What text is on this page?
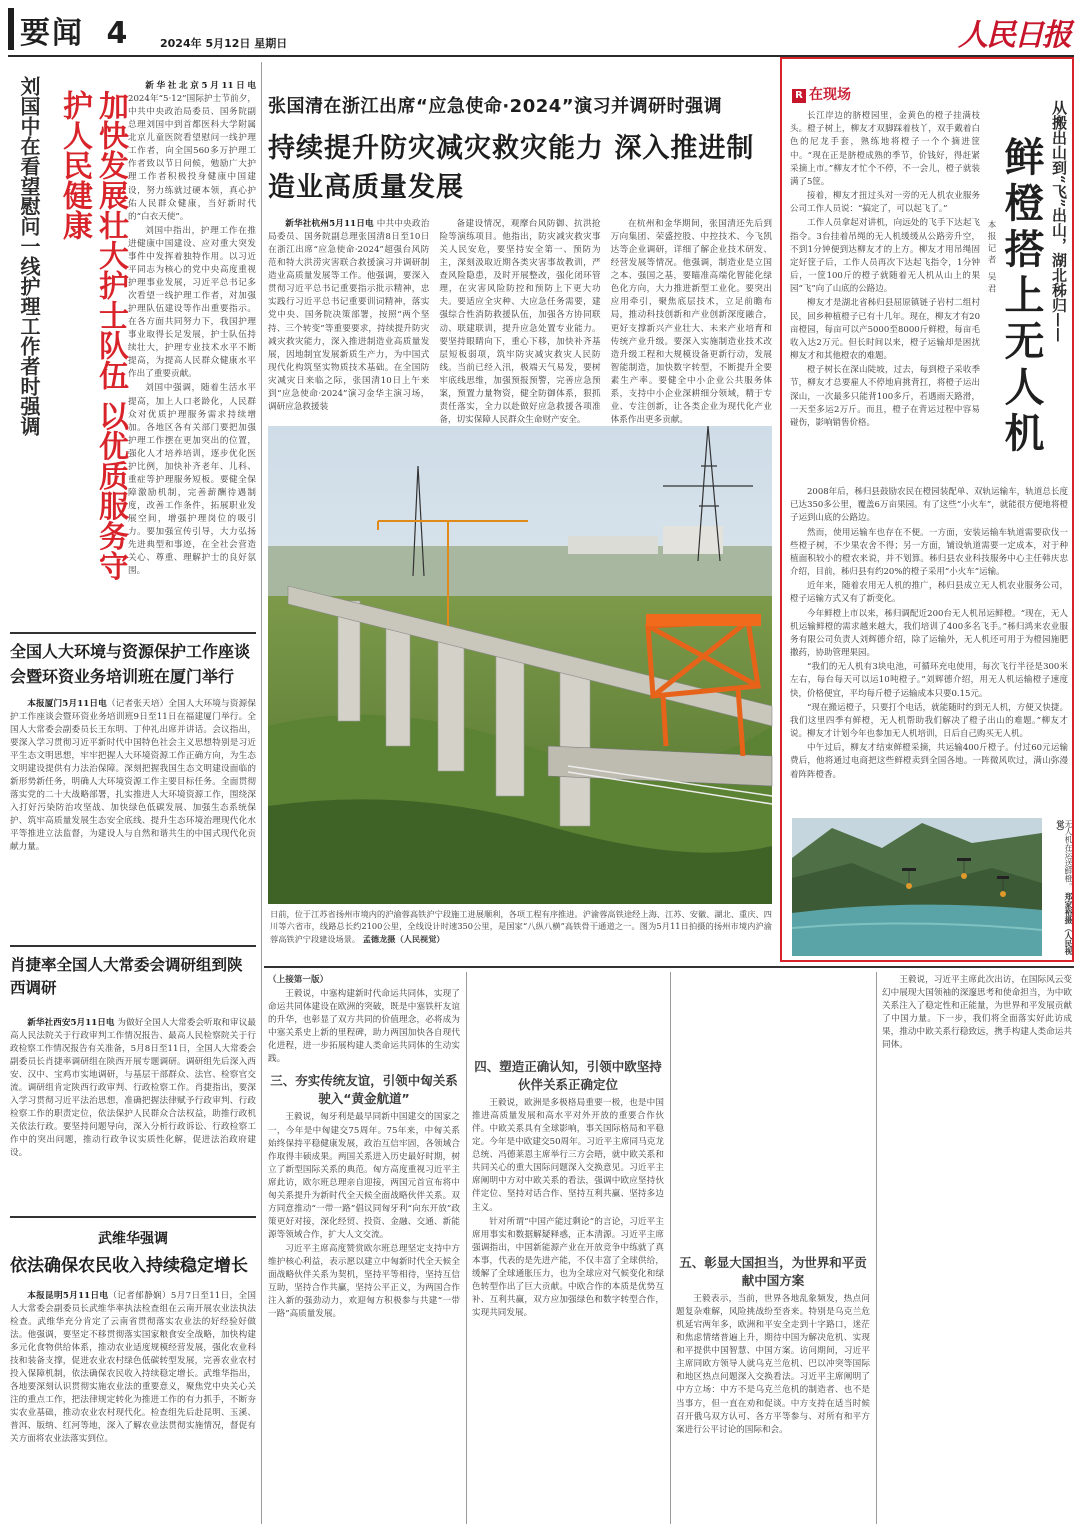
要闻 4	2024年 5月12日 星期日	人民日报
刘国中在看望慰问一线护理工作者时强调	加快发展壮大护士队伍 以优质服务守护人民健康

新华社北京5月11日电 2024年“5·12”国际护士节前夕，中共中央政治局委员、国务院副总理刘国中到首都医科大学附属北京儿童医院看望慰问一线护理工作者，向全国560多万护理工作者致以节日问候，勉励广大护理工作者积极投身健康中国建设，努力练就过硬本领，真心护佑人民群众健康，当好新时代的“白衣天使”。

刘国中指出，护理工作在推进健康中国建设、应对重大突发事件中发挥着独特作用。以习近平同志为核心的党中央高度重视护理事业发展，习近平总书记多次看望一线护理工作者，对加强护理队伍建设等作出重要指示。在各方面共同努力下，我国护理事业取得长足发展，护士队伍持续壮大，护理专业技术水平不断提高，为提高人民群众健康水平作出了重要贡献。

刘国中强调，随着生活水平提高，加上人口老龄化，人民群众对优质护理服务需求持续增加。各地区各有关部门要把加强护理工作摆在更加突出的位置，强化人才培养培训，逐步优化医护比例，加快补齐老年、儿科、重症等护理服务短板。要健全保障激励机制，完善薪酬待遇制度，改善工作条件，拓展职业发展空间，增强护理岗位的吸引力。要加强宣传引导，大力弘扬先进典型和事迹，在全社会营造关心、尊重、理解护士的良好氛围。

全国人大环境与资源保护工作座谈会暨环资业务培训班在厦门举行

本报厦门5月11日电（记者张天培）全国人大环境与资源保护工作座谈会暨环资业务培训班9日至11日在福建厦门举行。全国人大常委会副委员长王东明、丁仲礼出席并讲话。会议指出，要深入学习贯彻习近平新时代中国特色社会主义思想特别是习近平生态文明思想，牢牢把握人大环境资源工作正确方向，为生态文明建设提供有力法治保障。深刻把握我国生态文明建设面临的新形势新任务，明确人大环境资源工作主要目标任务。全面贯彻落实党的二十大战略部署，扎实推进人大环境资源工作，围绕深入打好污染防治攻坚战、加快绿色低碳发展、加强生态系统保护、筑牢高质量发展生态安全底线、提升生态环境治理现代化水平等推进立法监督，为建设人与自然和谐共生的中国式现代化贡献力量。

肖捷率全国人大常委会调研组到陕西调研

新华社西安5月11日电 为做好全国人大常委会听取和审议最高人民法院关于行政审判工作情况报告、最高人民检察院关于行政检察工作情况报告有关准备，5月8日至11日，全国人大常委会副委员长肖捷率调研组在陕西开展专题调研。调研组先后深入西安、汉中、宝鸡市实地调研，与基层干部群众、法官、检察官交流。调研组肯定陕西行政审判、行政检察工作。肖捷指出，要深入学习贯彻习近平法治思想，准确把握法律赋予行政审判、行政检察工作的职责定位，依法保护人民群众合法权益，助推行政机关依法行政。要坚持问题导向，深入分析行政诉讼、行政检察工作中的突出问题，推动行政争议实质性化解，促进法治政府建设。

武维华强调
依法确保农民收入持续稳定增长

本报昆明5月11日电（记者郁静娴）5月7日至11日，全国人大常委会副委员长武维华率执法检查组在云南开展农业法执法检查。武维华充分肯定了云南省贯彻落实农业法的好经验好做法。他强调，要坚定不移贯彻落实国家粮食安全战略，加快构建多元化食物供给体系，推动农业适度规模经营发展，强化农业科技和装备支撑，促进农业农村绿色低碳转型发展，完善农业农村投入保障机制，依法确保农民收入持续稳定增长。武维华指出，各地要深刻认识贯彻实施农业法的重要意义，聚焦党中央关心关注的重点工作，把法律规定转化为推进工作的有力抓手，不断夯实农业基础，推动农业农村现代化。检查组先后赴昆明、玉溪、普洱、版纳、红河等地，深入了解农业法贯彻实施情况，督促有关方面将农业法落实到位。

张国清在浙江出席“应急使命·2024”演习并调研时强调
持续提升防灾减灾救灾能力 深入推进制造业高质量发展

新华社杭州5月11日电 中共中央政治局委员、国务院副总理张国清8日至10日在浙江出席“应急使命·2024”超强台风防范和特大洪涝灾害联合救援演习并调研制造业高质量发展等工作。他强调，要深入贯彻习近平总书记重要指示批示精神，忠实践行习近平总书记重要训词精神，落实党中央、国务院决策部署，按照“两个坚持、三个转变”等重要要求，持续提升防灾减灾救灾能力，深入推进制造业高质量发展，因地制宜发展新质生产力，为中国式现代化构筑坚实物质技术基础。在全国防灾减灾日来临之际，张国清10日上午来到“应急使命·2024”演习金华主演习场，调研应急救援装

备建设情况，观摩台风防御、抗洪抢险等演练项目。他指出，防灾减灾救灾事关人民安危，要坚持安全第一、预防为主，深刻汲取近期各类灾害事故教训，严查风险隐患，及时开展整改，强化闭环管理，在灾害风险防控和预防上下更大功夫。要适应全灾种、大应急任务需要，建强综合性消防救援队伍，加强各方协同联动、联建联训，提升应急处置专业能力。要坚持眼睛向下，重心下移，加快补齐基层短板弱项，筑牢防灾减灾救灾人民防线。当前已经入汛，极端天气易发，要树牢底线思维，加强预报预警，完善应急预案，预置力量物资，健全防御体系，狠抓责任落实，全力以赴做好应急救援各项准备，切实保障人民群众生命财产安全。

在杭州和金华期间，张国清还先后到万向集团、荣盛控股、中控技术、今飞凯达等企业调研，详细了解企业技术研发、经营发展等情况。他强调，制造业是立国之本、强国之基，要瞄准高端化智能化绿色化方向，大力推进新型工业化。要突出应用牵引，聚焦底层技术，立足前瞻布局，推动科技创新和产业创新深度融合，更好支撑新兴产业壮大、未来产业培育和传统产业升级。要深入实施制造业技术改造升级工程和大规模设备更新行动，发展智能制造，加快数字转型，不断提升全要素生产率。要健全中小企业公共服务体系，支持中小企业深耕细分领域，精于专业、专注创新，让各类企业为现代化产业体系作出更多贡献。

日前，位于江苏省扬州市境内的沪渝蓉高铁沪宁段施工进展顺利，各项工程有序推进。沪渝蓉高铁途经上海、江苏、安徽、湖北、重庆、四川等六省市，线路总长约2100公里，全线设计时速350公里，是国家“八纵八横”高铁骨干通道之一。图为5月11日拍摄的扬州市境内沪渝蓉高铁沪宁段建设场景。 孟德龙摄（人民视觉）
R 在现场
从搬出山到“飞”出山，湖北秭归——
鲜橙搭上无人机
本报记者 吴君

长江岸边的脐橙园里，金黄色的橙子挂满枝头。橙子树上，柳友才双脚踩着枝丫，双手戴着白色的尼龙手套，熟练地将橙子一个个摘进筐中。“现在正是脐橙成熟的季节，价钱好，得赶紧采摘上市。”柳友才忙个不停，不一会儿，橙子就装满了5筐。

接着，柳友才扭过头对一旁的无人机农业服务公司工作人员说：“搞定了，可以起飞了。”

工作人员拿起对讲机，向远处的飞手下达起飞指令。3台挂着吊绳的无人机缓缓从公路旁升空，不到1分钟便到达柳友才的上方。柳友才用吊绳固定好筐子后，工作人员再次下达起飞指令，1分钟后，一筐100斤的橙子就随着无人机从山上的果园“飞”向了山底的公路边。

柳友才是湖北省秭归县屈原镇链子岩村二组村民，回乡种植橙子已有十几年。现在，柳友才有20亩橙园，每亩可以产5000至8000斤鲜橙，每亩毛收入达2万元。但长时间以来，橙子运输却是困扰柳友才和其他橙农的难题。

橙子树长在深山陡坡，过去，每到橙子采收季节，柳友才总要雇人不停地肩挑背扛，将橙子运出深山，一次最多只能背100多斤，若遇雨天路滑，一天至多运2万斤。而且，橙子在背运过程中容易碰伤，影响销售价格。

2008年后，秭归县鼓励农民在橙园装配单、双轨运输车，轨道总长度已达350多公里，覆盖6万亩果园。有了这些“小火车”，就能很方便地将橙子运到山底的公路边。

然而，使用运输车也存在不便。一方面，安装运输车轨道需要砍伐一些橙子树，不少果农舍不得；另一方面，铺设轨道需要一定成本，对于种植面积较小的橙农来说，并不划算。秭归县农业科技服务中心主任韩庆忠介绍，目前，秭归县有约20%的橙子采用“小火车”运输。

近年来，随着农用无人机的推广，秭归县成立无人机农业服务公司，橙子运输方式又有了新变化。

今年鲜橙上市以来，秭归调配近200台无人机吊运鲜橙。“现在，无人机运输鲜橙的需求越来越大，我们培训了400多名飞手。”秭归鸿来农业服务有限公司负责人刘辉德介绍，除了运输外，无人机还可用于为橙园施肥撒药，协助管理果园。

“我们的无人机有3块电池，可循环充电使用，每次飞行半径是300米左右，每台每天可以运10吨橙子。”刘辉德介绍，用无人机运输橙子速度快，价格便宜，平均每斤橙子运输成本只要0.15元。

“现在搬运橙子，只要打个电话，就能随时约到无人机，方便又快捷。我们这里四季有鲜橙，无人机帮助我们解决了橙子出山的难题。”柳友才说。柳友才计划今年也参加无人机培训，日后自己购买无人机。

中午过后，柳友才结束鲜橙采摘，共运输400斤橙子。付过60元运输费后，他将通过电商把这些鲜橙卖到全国各地。一阵微风吹过，满山弥漫着阵阵橙香。

无人机在运送鲜橙。 郑家裕摄（人民视觉）

（上接第一版）

王毅说，中塞构建新时代命运共同体，实现了命运共同体建设在欧洲的突破，既是中塞铁杆友谊的升华，也彰显了双方共同的价值理念，必将成为中塞关系史上新的里程碑，助力两国加快各自现代化进程，进一步拓展构建人类命运共同体的生动实践。

三、夯实传统友谊，引领中匈关系驶入“黄金航道”

王毅说，匈牙利是最早同新中国建交的国家之一，今年是中匈建交75周年。75年来，中匈关系始终保持平稳健康发展，政治互信牢固，各领域合作取得丰硕成果。两国关系进入历史最好时期，树立了新型国际关系的典范。匈方高度重视习近平主席此访，欧尔班总理亲自迎接，两国元首宣布将中匈关系提升为新时代全天候全面战略伙伴关系。双方同意推动“一带一路”倡议同匈牙利“向东开放”政策更好对接，深化经贸、投资、金融、交通、新能源等领域合作，扩大人文交流。

习近平主席高度赞赏欧尔班总理坚定支持中方维护核心利益，表示愿以建立中匈新时代全天候全面战略伙伴关系为契机，坚持平等相待，坚持互信互助，坚持合作共赢，坚持公平正义，为两国合作注入新的强劲动力，欢迎匈方积极参与共建“一带一路”高质量发展。

四、塑造正确认知，引领中欧坚持伙伴关系正确定位

王毅说，欧洲是多极格局重要一极，也是中国推进高质量发展和高水平对外开放的重要合作伙伴。中欧关系具有全球影响，事关国际格局和平稳定。今年是中欧建交50周年。习近平主席同马克龙总统、冯德莱恩主席举行三方会晤，就中欧关系和共同关心的重大国际问题深入交换意见。习近平主席阐明中方对中欧关系的看法，强调中欧应坚持伙伴定位、坚持对话合作、坚持互利共赢、坚持多边主义。

针对所谓“中国产能过剩论”的言论，习近平主席用事实和数据解疑释惑，正本清源。习近平主席强调指出，中国新能源产业在开放竞争中练就了真本事，代表的是先进产能，不仅丰富了全球供给，缓解了全球通胀压力，也为全球应对气候变化和绿色转型作出了巨大贡献。中欧合作的本质是优势互补、互利共赢，双方应加强绿色和数字转型合作，实现共同发展。

五、彰显大国担当，为世界和平贡献中国方案

王毅表示，当前，世界各地乱象频发，热点问题复杂难解，风险挑战纷至沓来。特别是乌克兰危机延宕两年多，欧洲和平安全走到十字路口，迷茫和焦虑情绪普遍上升，期待中国为解决危机、实现和平提供中国智慧、中国方案。访问期间，习近平主席同欧方领导人就乌克兰危机、巴以冲突等国际和地区热点问题深入交换看法。习近平主席阐明了中方立场：中方不是乌克兰危机的制造者、也不是当事方，但一直在劝和促谈。中方支持在适当时候召开俄乌双方认可、各方平等参与、对所有和平方案进行公平讨论的国际和会。

王毅说，习近平主席此次出访，在国际风云变幻中展现大国领袖的深邃思考和使命担当，为中欧关系注入了稳定性和正能量，为世界和平发展贡献了中国力量。下一步，我们将全面落实好此访成果，推动中欧关系行稳致远，携手构建人类命运共同体。
